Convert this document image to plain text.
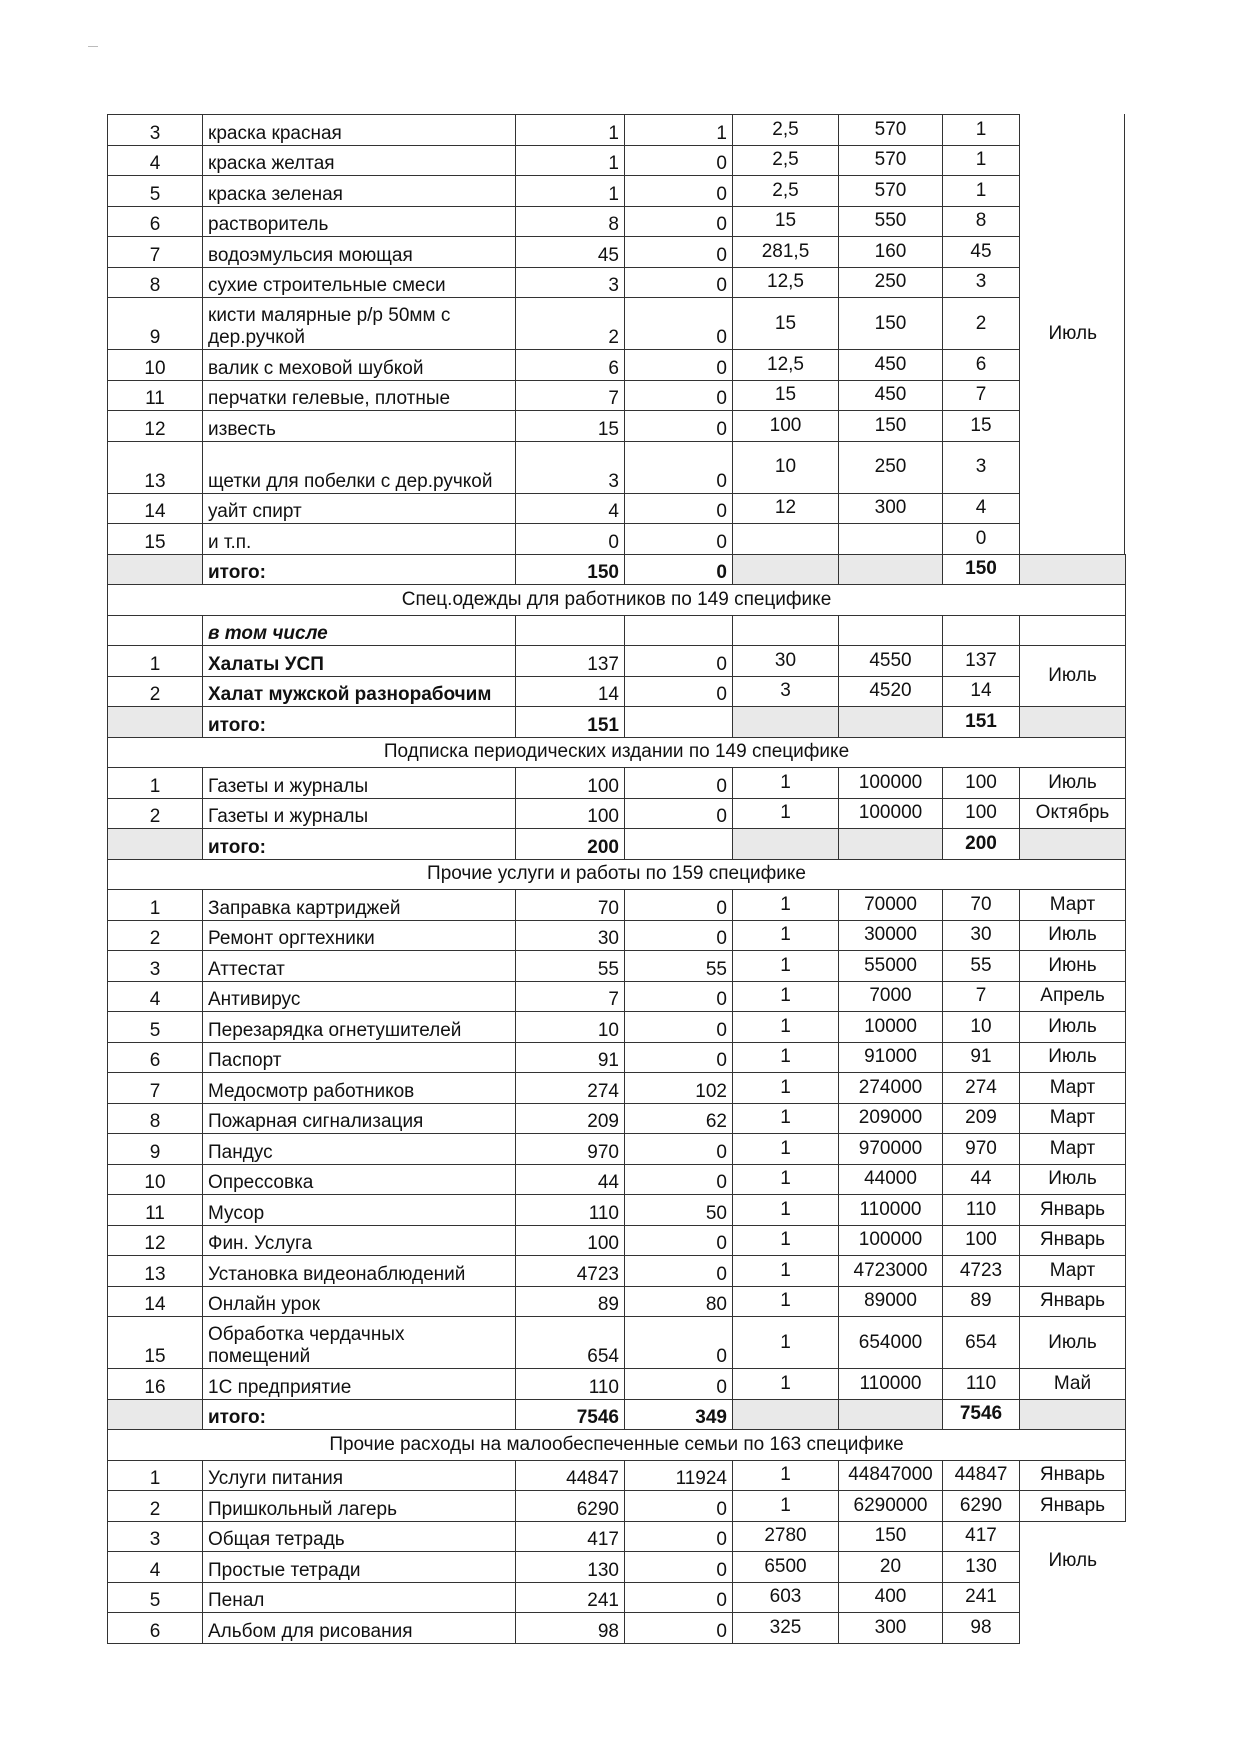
3	краска красная	1	1	2,5	570	1	Июль
4	краска желтая	1	0	2,5	570	1	
5	краска зеленая	1	0	2,5	570	1	
6	растворитель	8	0	15	550	8	
7	водоэмульсия моющая	45	0	281,5	160	45	
8	сухие строительные смеси	3	0	12,5	250	3	
9	кисти малярные р/р 50мм с дер.ручкой	2	0	15	150	2	
10	валик с меховой шубкой	6	0	12,5	450	6	
11	перчатки гелевые, плотные	7	0	15	450	7	
12	известь	15	0	100	150	15	
13	щетки для побелки с дер.ручкой	3	0	10	250	3	
14	уайт спирт	4	0	12	300	4	
15	и т.п.	0	0			0	
	итого:	150	0			150	
Спец.одежды для работников по 149 специфике							
	в том числе						
1	Халаты УСП	137	0	30	4550	137	Июль
2	Халат мужской разнорабочим	14	0	3	4520	14	
	итого:	151				151	
Подписка периодических издании по 149 специфике							
1	Газеты и журналы	100	0	1	100000	100	Июль
2	Газеты и журналы	100	0	1	100000	100	Октябрь
	итого:	200				200	
Прочие услуги и работы по 159 специфике							
1	Заправка картриджей	70	0	1	70000	70	Март
2	Ремонт оргтехники	30	0	1	30000	30	Июль
3	Аттестат	55	55	1	55000	55	Июнь
4	Антивирус	7	0	1	7000	7	Апрель
5	Перезарядка огнетушителей	10	0	1	10000	10	Июль
6	Паспорт	91	0	1	91000	91	Июль
7	Медосмотр работников	274	102	1	274000	274	Март
8	Пожарная сигнализация	209	62	1	209000	209	Март
9	Пандус	970	0	1	970000	970	Март
10	Опрессовка	44	0	1	44000	44	Июль
11	Мусор	110	50	1	110000	110	Январь
12	Фин. Услуга	100	0	1	100000	100	Январь
13	Установка видеонаблюдений	4723	0	1	4723000	4723	Март
14	Онлайн урок	89	80	1	89000	89	Январь
15	Обработка чердачных помещений	654	0	1	654000	654	Июль
16	1С предприятие	110	0	1	110000	110	Май
	итого:	7546	349			7546	
Прочие расходы на малообеспеченные семьи по 163 специфике							
1	Услуги питания	44847	11924	1	44847000	44847	Январь
2	Пришкольный лагерь	6290	0	1	6290000	6290	Январь
3	Общая тетрадь	417	0	2780	150	417	Июль
4	Простые тетради	130	0	6500	20	130	
5	Пенал	241	0	603	400	241	
6	Альбом для рисования	98	0	325	300	98	
